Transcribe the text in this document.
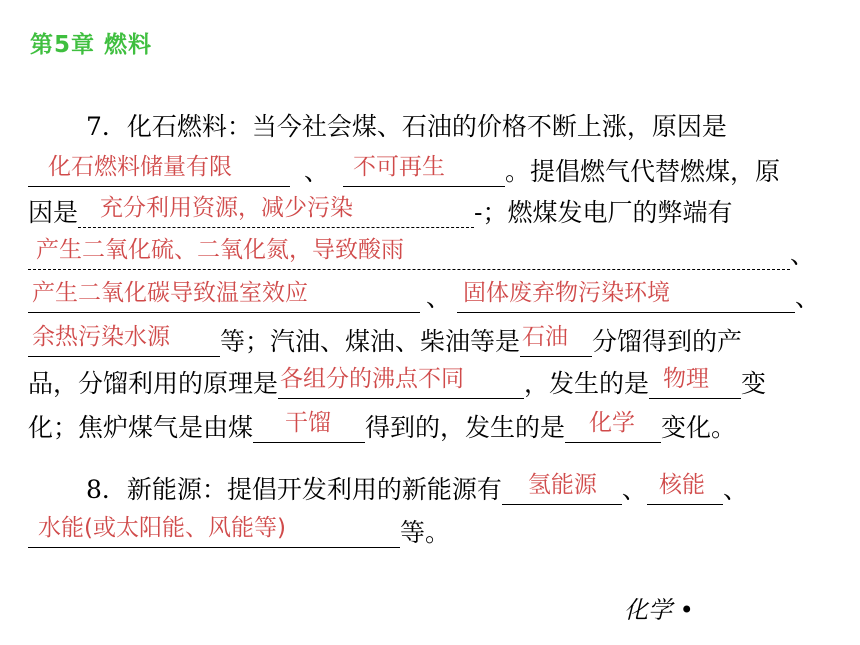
第5章 燃料
7．化石燃料：当今社会煤、石油的价格不断上涨，原因是
化石燃料储量有限	、 不可再生 。提倡燃气代替燃煤，原
因是 充分利用资源，减少污染	-；燃煤发电厂的弊端有
产生二氧化硫、二氧化氮，导致酸雨	、
产生二氧化碳导致温室效应	、 固体废弃物污染环境	、
余热污染水源 等；汽油、煤油、柴油等是 石油 分馏得到的产
品，分馏利用的原理是 各组分的沸点不同 ，发生的是 物理 变
化；焦炉煤气是由煤 干馏 得到的，发生的是 化学 变化。
8．新能源：提倡开发利用的新能源有 氢能源 、 核能 、
水能(或太阳能、风能等)	等。
化学 •
